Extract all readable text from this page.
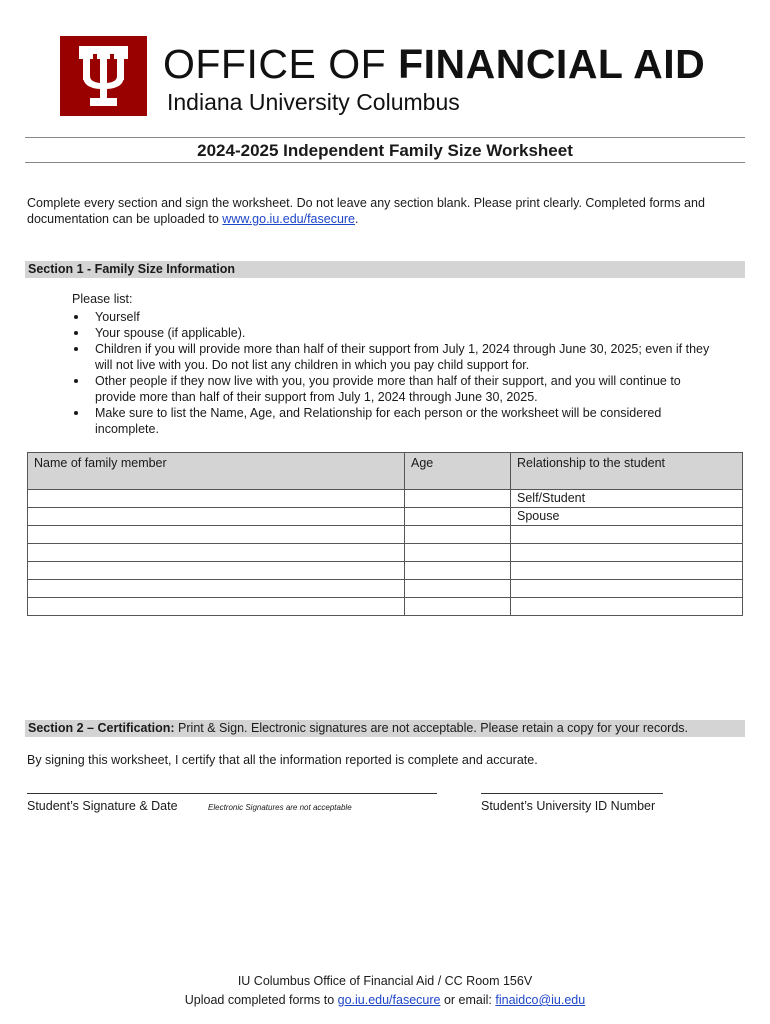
OFFICE OF FINANCIAL AID
Indiana University Columbus
2024-2025 Independent Family Size Worksheet
Complete every section and sign the worksheet. Do not leave any section blank. Please print clearly. Completed forms and documentation can be uploaded to www.go.iu.edu/fasecure.
Section 1 - Family Size Information
Please list:
Yourself
Your spouse (if applicable).
Children if you will provide more than half of their support from July 1, 2024 through June 30, 2025; even if they will not live with you. Do not list any children in which you pay child support for.
Other people if they now live with you, you provide more than half of their support, and you will continue to provide more than half of their support from July 1, 2024 through June 30, 2025.
Make sure to list the Name, Age, and Relationship for each person or the worksheet will be considered incomplete.
Name of family member	Age	Relationship to the student
		Self/Student
		Spouse

Section 2 – Certification: Print & Sign. Electronic signatures are not acceptable. Please retain a copy for your records.
By signing this worksheet, I certify that all the information reported is complete and accurate.
Student’s Signature & Date	Electronic Signatures are not acceptable	Student’s University ID Number
IU Columbus Office of Financial Aid / CC Room 156V
Upload completed forms to go.iu.edu/fasecure or email: finaidco@iu.edu
